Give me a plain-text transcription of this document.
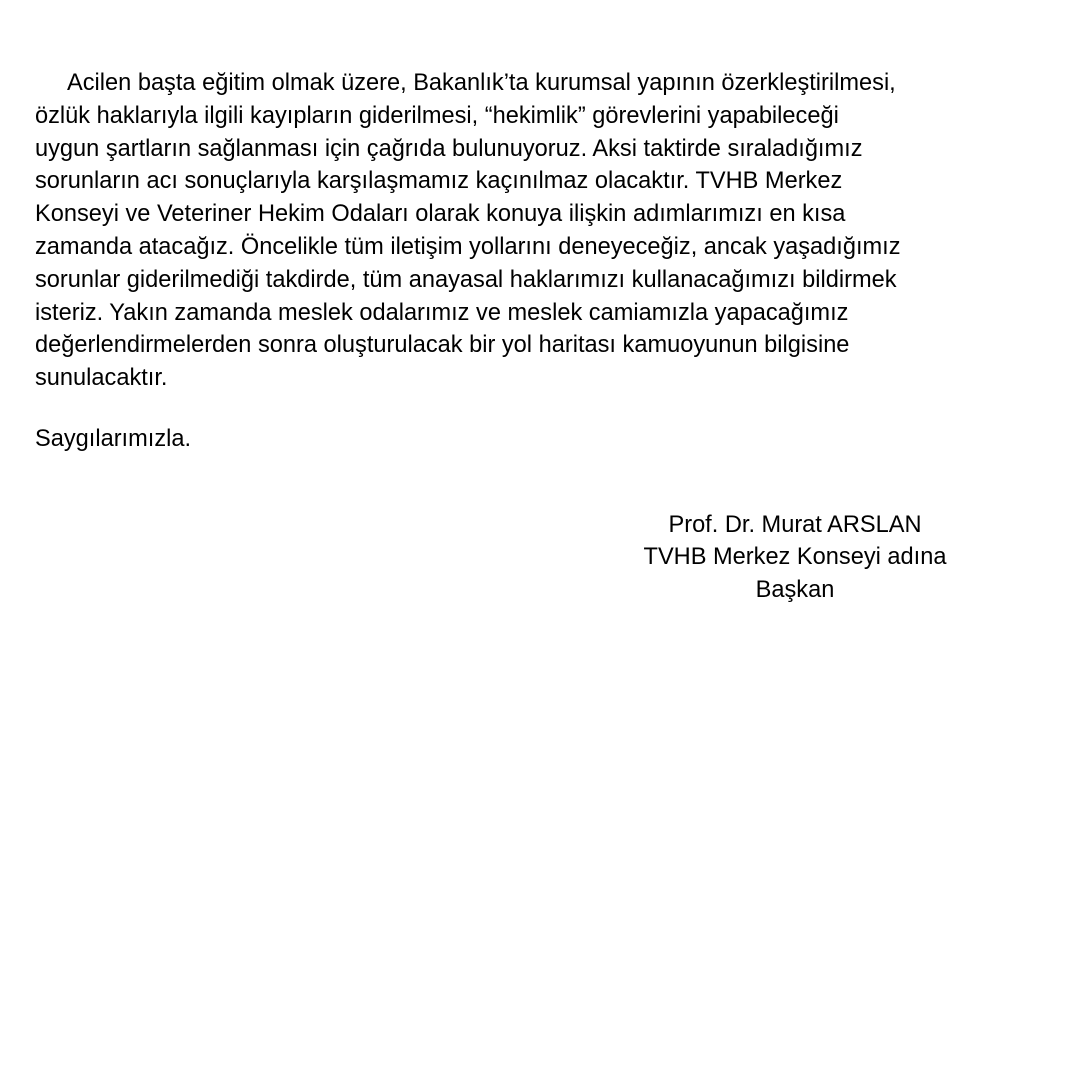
Acilen başta eğitim olmak üzere, Bakanlık’ta kurumsal yapının özerkleştirilmesi,
özlük haklarıyla ilgili kayıpların giderilmesi, “hekimlik” görevlerini yapabileceği
uygun şartların sağlanması için çağrıda bulunuyoruz. Aksi taktirde sıraladığımız
sorunların acı sonuçlarıyla karşılaşmamız kaçınılmaz olacaktır. TVHB Merkez
Konseyi ve Veteriner Hekim Odaları olarak konuya ilişkin adımlarımızı en kısa
zamanda atacağız. Öncelikle tüm iletişim yollarını deneyeceğiz, ancak yaşadığımız
sorunlar giderilmediği takdirde, tüm anayasal haklarımızı kullanacağımızı bildirmek
isteriz. Yakın zamanda meslek odalarımız ve meslek camiamızla yapacağımız
değerlendirmelerden sonra oluşturulacak bir yol haritası kamuoyunun bilgisine
sunulacaktır.

Saygılarımızla.

Prof. Dr. Murat ARSLAN
TVHB Merkez Konseyi adına
Başkan
